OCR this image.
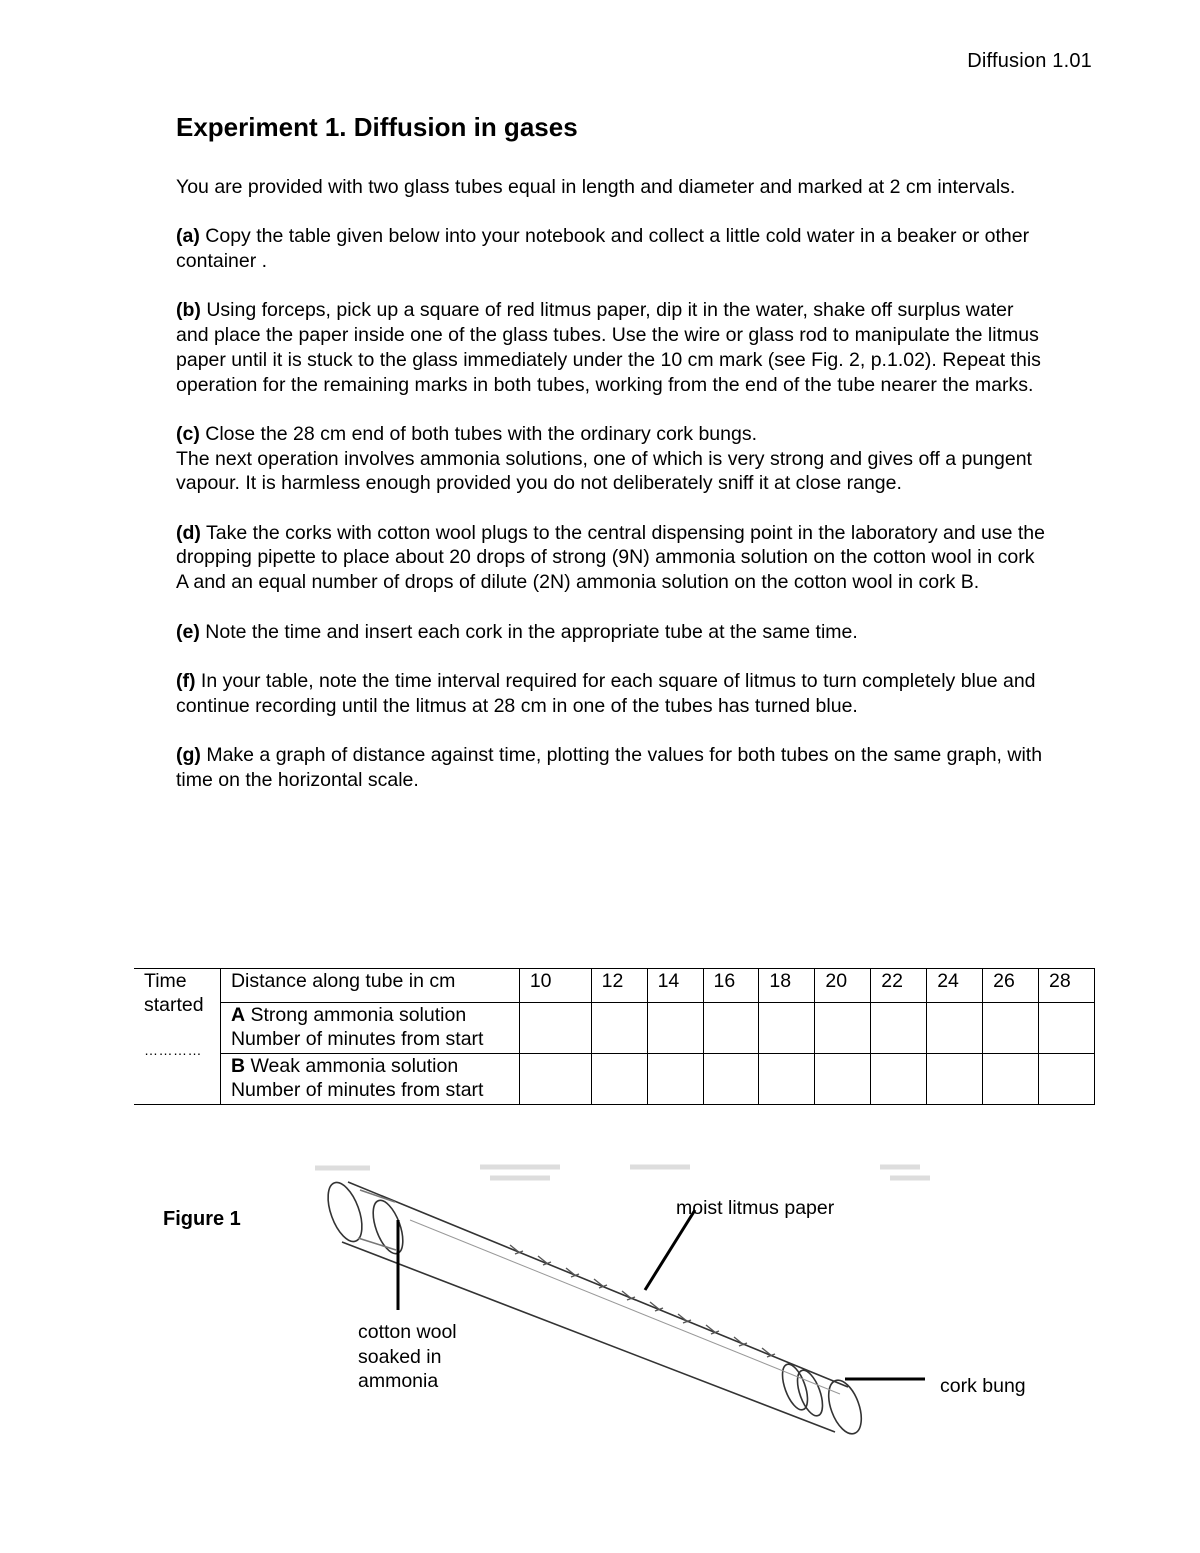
Diffusion 1.01
Experiment 1. Diffusion in gases

You are provided with two glass tubes equal in length and diameter and marked at 2 cm intervals.

(a) Copy the table given below into your notebook and collect a little cold water in a beaker or other container .

(b) Using forceps, pick up a square of red litmus paper, dip it in the water, shake off surplus water and place the paper inside one of the glass tubes. Use the wire or glass rod to manipulate the litmus paper until it is stuck to the glass immediately under the 10 cm mark (see Fig. 2, p.1.02). Repeat this operation for the remaining marks in both tubes, working from the end of the tube nearer the marks.

(c) Close the 28 cm end of both tubes with the ordinary cork bungs.
The next operation involves ammonia solutions, one of which is very strong and gives off a pungent vapour. It is harmless enough provided you do not deliberately sniff it at close range.

(d) Take the corks with cotton wool plugs to the central dispensing point in the laboratory and use the dropping pipette to place about 20 drops of strong (9N) ammonia solution on the cotton wool in cork A and an equal number of drops of dilute (2N) ammonia solution on the cotton wool in cork B.

(e) Note the time and insert each cork in the appropriate tube at the same time.

(f) In your table, note the time interval required for each square of litmus to turn completely blue and continue recording until the litmus at 28 cm in one of the tubes has turned blue.

(g) Make a graph of distance against time, plotting the values for both tubes on the same graph, with time on the horizontal scale.

Time started
…………	Distance along tube in cm	10	12	14	16	18	20	22	24	26	28
	A Strong ammonia solution
Number of minutes from start										
	B Weak ammonia solution
Number of minutes from start										
Figure 1	moist litmus paper
cotton wool
soaked in
ammonia	cork bung
